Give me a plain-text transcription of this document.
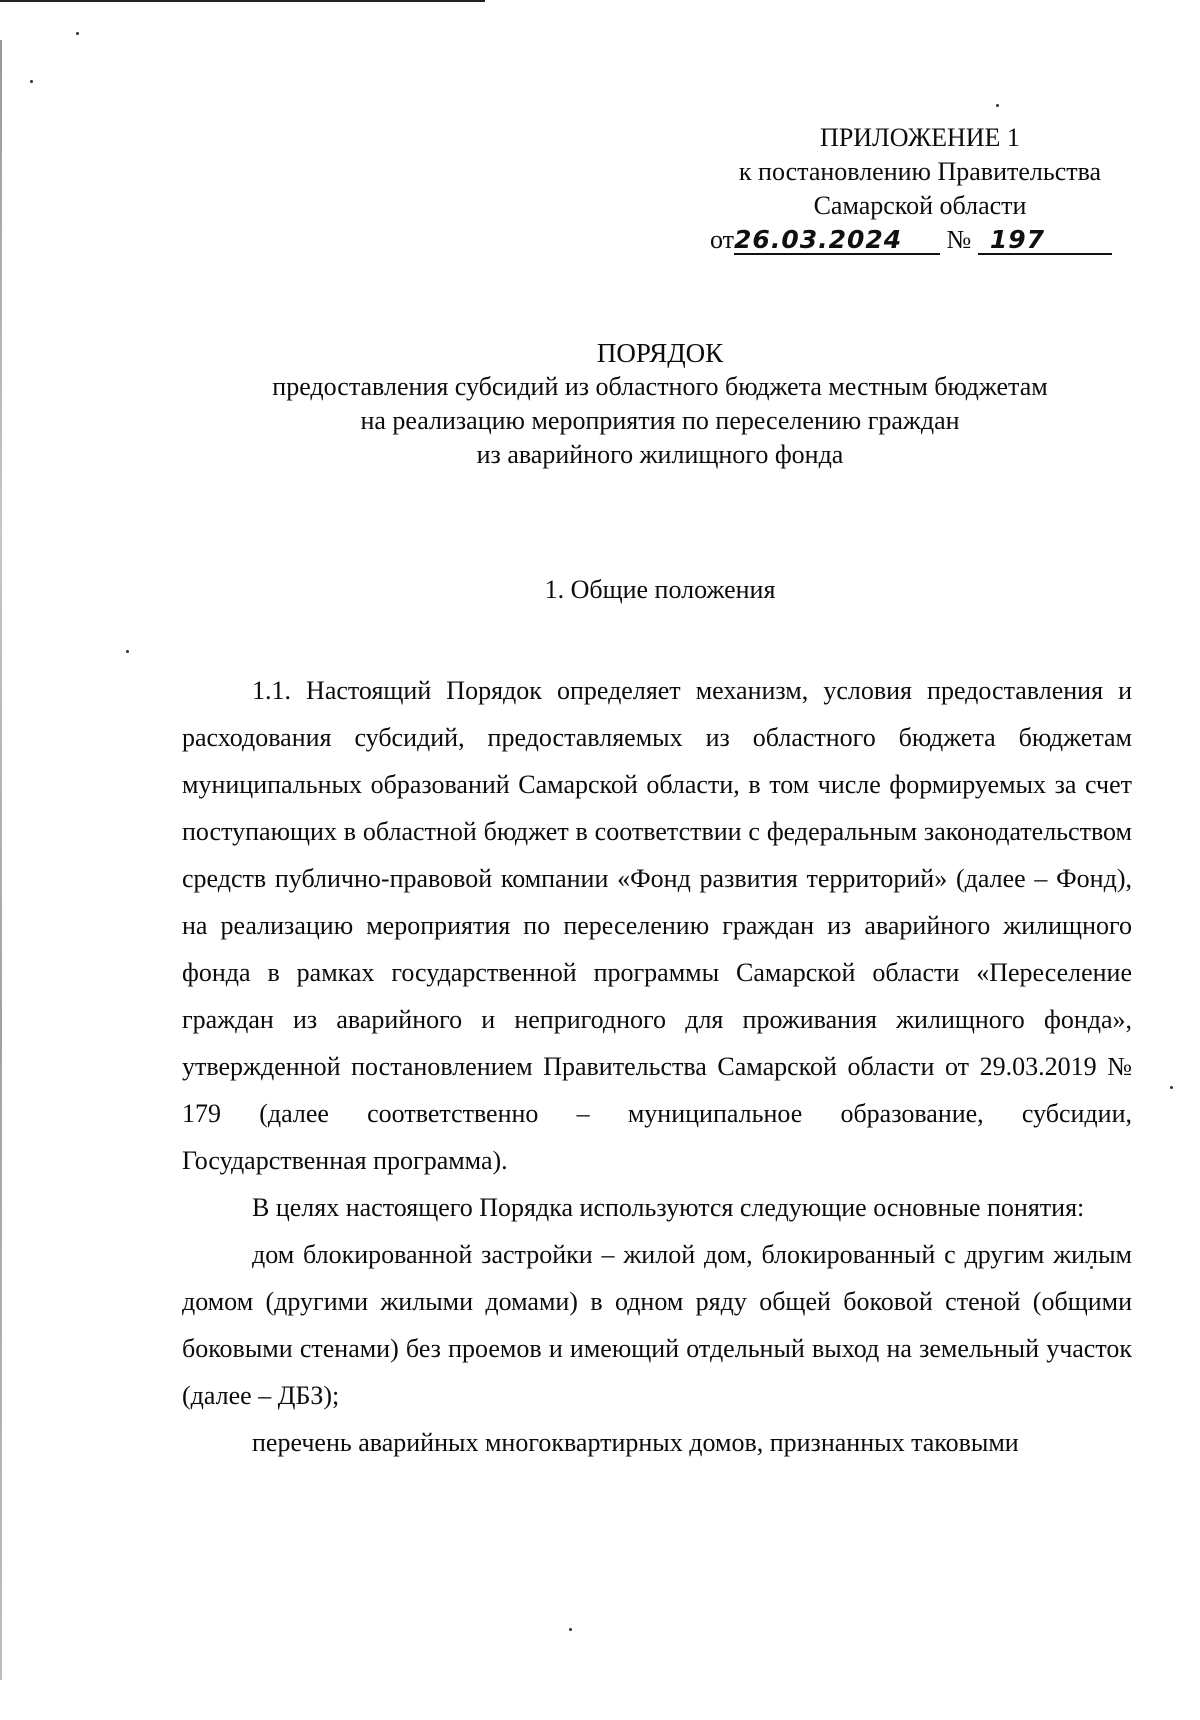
ПРИЛОЖЕНИЕ 1
к постановлению Правительства
Самарской области
от26.03.2024 № 197
ПОРЯДОК
предоставления субсидий из областного бюджета местным бюджетам
на реализацию мероприятия по переселению граждан
из аварийного жилищного фонда
1. Общие положения

1.1. Настоящий Порядок определяет механизм, условия предоставления и расходования субсидий, предоставляемых из областного бюджета бюджетам муниципальных образований Самарской области, в том числе формируемых за счет поступающих в областной бюджет в соответствии с федеральным законодательством средств публично-правовой компании «Фонд развития территорий» (далее – Фонд), на реализацию мероприятия по переселению граждан из аварийного жилищного фонда в рамках государственной программы Самарской области «Переселение граждан из аварийного и непригодного для проживания жилищного фонда», утвержденной постановлением Правительства Самарской области от 29.03.2019 № 179 (далее соответственно – муниципальное образование, субсидии, Государственная программа).

В целях настоящего Порядка используются следующие основные понятия:

дом блокированной застройки – жилой дом, блокированный с другим жилым домом (другими жилыми домами) в одном ряду общей боковой стеной (общими боковыми стенами) без проемов и имеющий отдельный выход на земельный участок (далее – ДБЗ);

перечень аварийных многоквартирных домов, признанных таковыми
